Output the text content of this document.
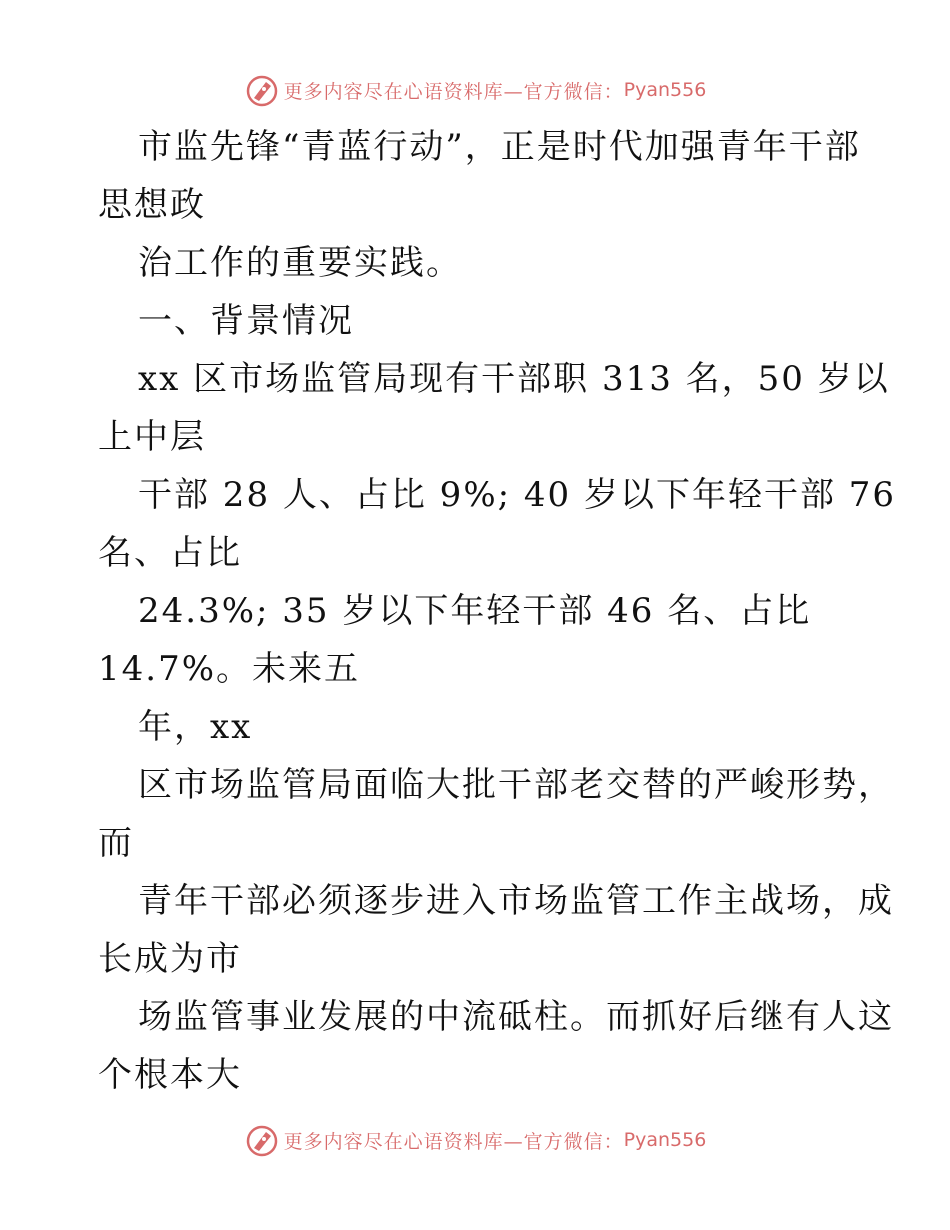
更多内容尽在心语资料库—官方微信： Pyan556
市监先锋“青蓝行动”，正是时代加强青年干部
思想政
治工作的重要实践。
一、背景情况
xx 区市场监管局现有干部职 313 名，50 岁以
上中层
干部 28 人、占比 9%; 40 岁以下年轻干部 76
名、占比
24.3%; 35 岁以下年轻干部 46 名、占比
14.7%。未来五
年，xx
区市场监管局面临大批干部老交替的严峻形势，
而
青年干部必须逐步进入市场监管工作主战场，成
长成为市
场监管事业发展的中流砥柱。而抓好后继有人这
个根本大
更多内容尽在心语资料库—官方微信： Pyan556
